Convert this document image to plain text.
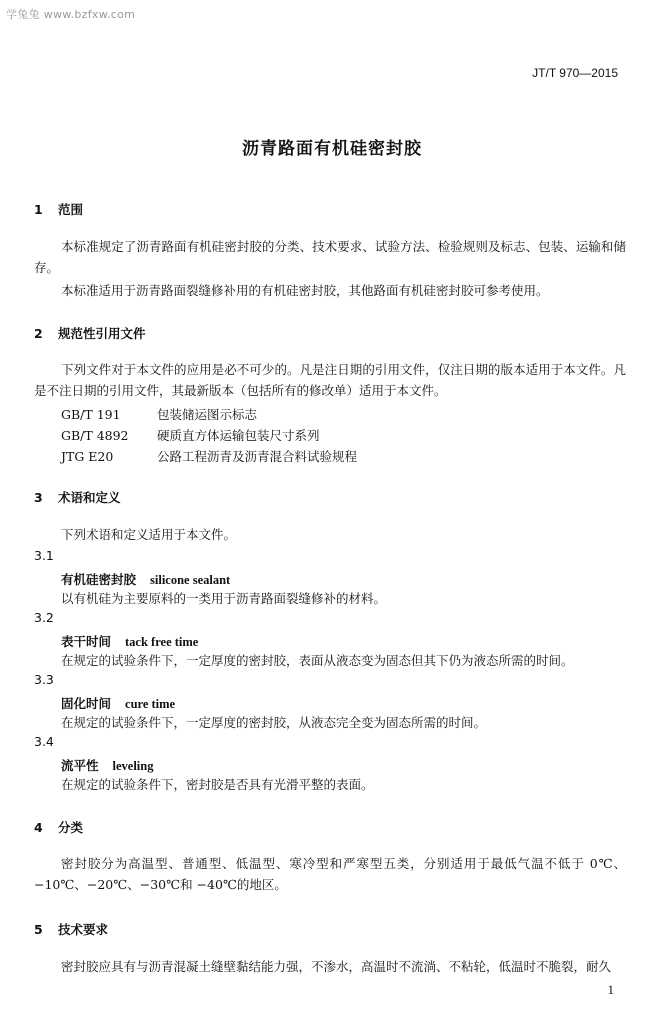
学兔兔 www.bzfxw.com
JT/T 970—2015
沥青路面有机硅密封胶
1 范围

本标准规定了沥青路面有机硅密封胶的分类、技术要求、试验方法、检验规则及标志、包装、运输和储存。

本标准适用于沥青路面裂缝修补用的有机硅密封胶，其他路面有机硅密封胶可参考使用。

2 规范性引用文件

下列文件对于本文件的应用是必不可少的。凡是注日期的引用文件，仅注日期的版本适用于本文件。凡是不注日期的引用文件，其最新版本（包括所有的修改单）适用于本文件。

GB/T 191	包装储运图示标志
GB/T 4892 硬质直方体运输包装尺寸系列
JTG E20	公路工程沥青及沥青混合料试验规程
3 术语和定义

下列术语和定义适用于本文件。

3.1
有机硅密封胶 silicone sealant

以有机硅为主要原料的一类用于沥青路面裂缝修补的材料。

3.2
表干时间 tack free time

在规定的试验条件下，一定厚度的密封胶，表面从液态变为固态但其下仍为液态所需的时间。

3.3
固化时间 cure time

在规定的试验条件下，一定厚度的密封胶，从液态完全变为固态所需的时间。

3.4
流平性 leveling

在规定的试验条件下，密封胶是否具有光滑平整的表面。

4 分类

密封胶分为高温型、普通型、低温型、寒冷型和严寒型五类，分别适用于最低气温不低于 0℃、−10℃、−20℃、−30℃和 −40℃的地区。

5 技术要求

密封胶应具有与沥青混凝土缝壁黏结能力强，不渗水，高温时不流淌、不粘轮，低温时不脆裂，耐久

1
